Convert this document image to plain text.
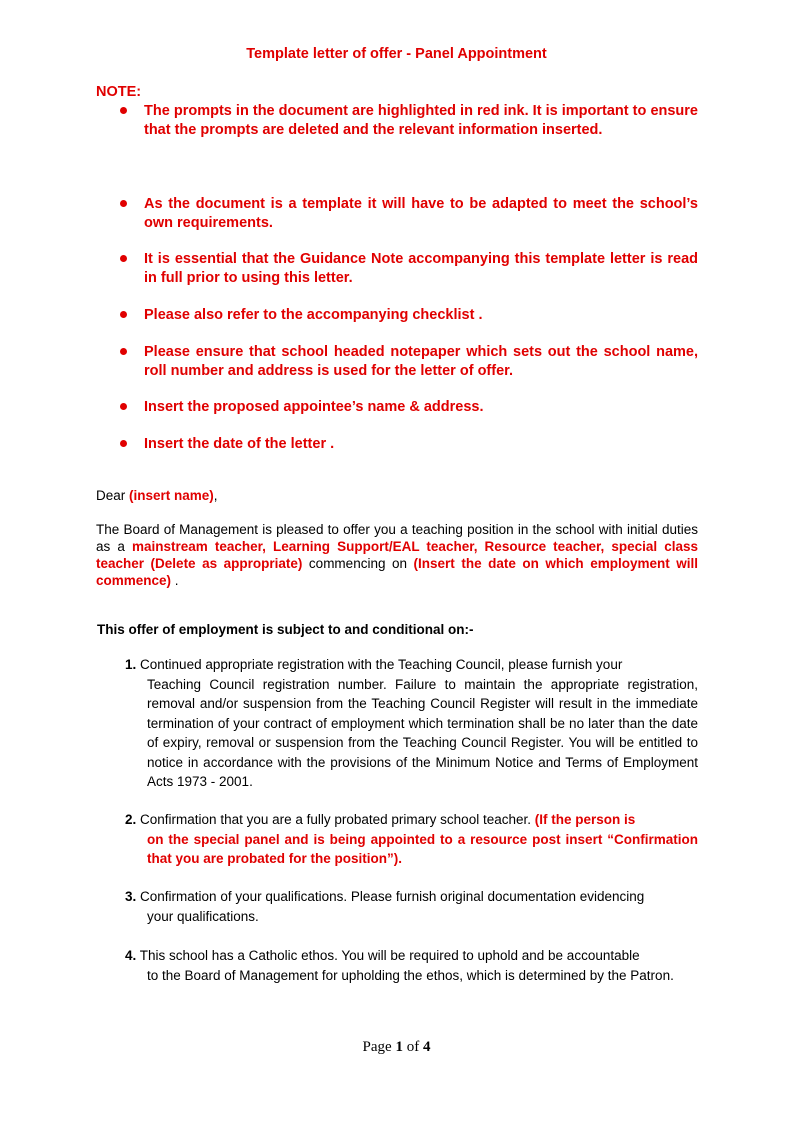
Template letter of offer - Panel Appointment
NOTE:
The prompts in the document are highlighted in red ink. It is important to ensure that the prompts are deleted and the relevant information inserted.
As the document is a template it will have to be adapted to meet the school’s own requirements.
It is essential that the Guidance Note accompanying this template letter is read in full prior to using this letter.
Please also refer to the accompanying checklist .
Please ensure that school headed notepaper which sets out the school name, roll number and address is used for the letter of offer.
Insert the proposed appointee’s name & address.
Insert the date of the letter .
Dear (insert name),
The Board of Management is pleased to offer you a teaching position in the school with initial duties as a mainstream teacher, Learning Support/EAL teacher, Resource teacher, special class teacher (Delete as appropriate) commencing on (Insert the date on which employment will commence) .
This offer of employment is subject to and conditional on:-
1. Continued appropriate registration with the Teaching Council, please furnish your
Teaching Council registration number. Failure to maintain the appropriate registration, removal and/or suspension from the Teaching Council Register will result in the immediate termination of your contract of employment which termination shall be no later than the date of expiry, removal or suspension from the Teaching Council Register. You will be entitled to notice in accordance with the provisions of the Minimum Notice and Terms of Employment Acts 1973 - 2001.
2. Confirmation that you are a fully probated primary school teacher. (If the person is
on the special panel and is being appointed to a resource post insert “Confirmation that you are probated for the position”).
3. Confirmation of your qualifications. Please furnish original documentation evidencing
your qualifications.
4. This school has a Catholic ethos. You will be required to uphold and be accountable
to the Board of Management for upholding the ethos, which is determined by the Patron.
Page 1 of 4
